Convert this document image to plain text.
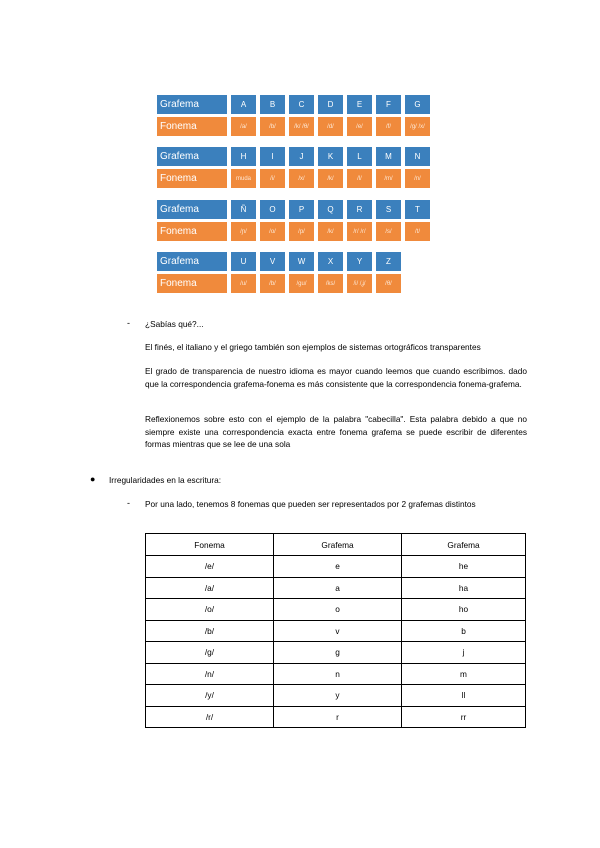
Grafema	A	B	C	D	E	F	G
Fonema	/a/	/b/	/k/ /θ/	/d/	/e/	/f/	/g/ /x/
Grafema	H	I	J	K	L	M	N
Fonema	muda	/i/	/x/	/k/	/l/	/m/	/n/
Grafema	Ñ	O	P	Q	R	S	T
Fonema	/ɲ/	/o/	/p/	/k/	/r/ /ɾ/	/s/	/t/
Grafema	U	V	W	X	Y	Z
Fonema	/u/	/b/	/gu/	/ks/	/i/ /ʝ/	/θ/
- ¿Sabías qué?...
El finés, el italiano y el griego también son ejemplos de sistemas ortográficos transparentes
El grado de transparencia de nuestro idioma es mayor cuando leemos que cuando escribimos. dado que la correspondencia grafema-fonema es más consistente que la correspondencia fonema-grafema.
Reflexionemos sobre esto con el ejemplo de la palabra "cabecilla". Esta palabra debido a que no siempre existe una correspondencia exacta entre fonema grafema se puede escribir de diferentes formas mientras que se lee de una sola
● Irregularidades en la escritura:
- Por una lado, tenemos 8 fonemas que pueden ser representados por 2 grafemas distintos
Fonema	Grafema	Grafema
/e/	e	he
/a/	a	ha
/o/	o	ho
/b/	v	b
/g/	g	j
/n/	n	m
/y/	y	ll
/r/	r	rr
